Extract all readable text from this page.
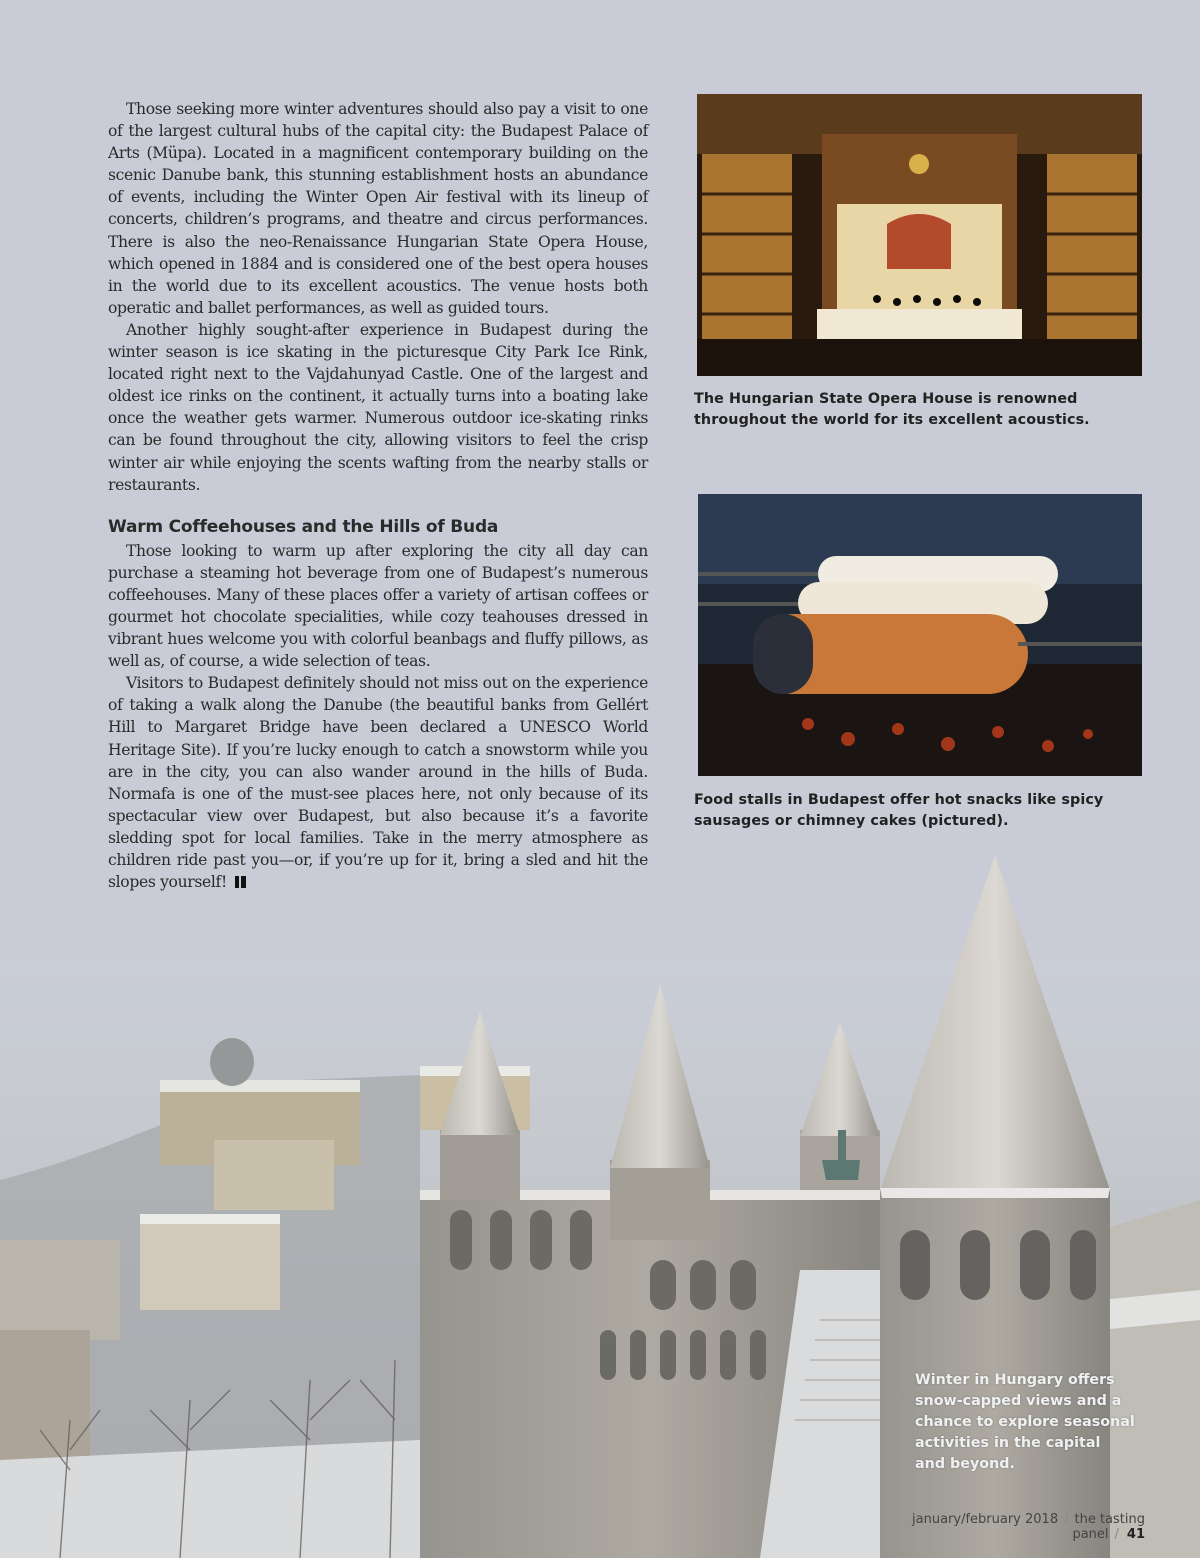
Those seeking more winter adventures should also pay a visit to one of the largest cultural hubs of the capital city: the Budapest Palace of Arts (Müpa). Located in a magnificent contemporary building on the scenic Danube bank, this stunning establishment hosts an abundance of events, including the Winter Open Air festival with its lineup of concerts, children’s programs, and theatre and circus performances. There is also the neo-Renaissance Hungarian State Opera House, which opened in 1884 and is considered one of the best opera houses in the world due to its excellent acoustics. The venue hosts both operatic and ballet performances, as well as guided tours.

Another highly sought-after experience in Budapest during the winter season is ice skating in the picturesque City Park Ice Rink, located right next to the Vajdahunyad Castle. One of the largest and oldest ice rinks on the continent, it actually turns into a boating lake once the weather gets warmer. Numerous outdoor ice-skating rinks can be found throughout the city, allowing visitors to feel the crisp winter air while enjoying the scents wafting from the nearby stalls or restaurants.

Warm Coffeehouses and the Hills of Buda

Those looking to warm up after exploring the city all day can purchase a steaming hot beverage from one of Budapest’s numerous coffeehouses. Many of these places offer a variety of artisan coffees or gourmet hot chocolate specialities, while cozy teahouses dressed in vibrant hues welcome you with colorful beanbags and fluffy pillows, as well as, of course, a wide selection of teas.

Visitors to Budapest definitely should not miss out on the experience of taking a walk along the Danube (the beautiful banks from Gellért Hill to Margaret Bridge have been declared a UNESCO World Heritage Site). If you’re lucky enough to catch a snowstorm while you are in the city, you can also wander around in the hills of Buda. Normafa is one of the must-see places here, not only because of its spectacular view over Budapest, but also because it’s a favorite sledding spot for local families. Take in the merry atmosphere as children ride past you—or, if you’re up for it, bring a sled and hit the slopes yourself!

The Hungarian State Opera House is renowned throughout the world for its excellent acoustics.
Food stalls in Budapest offer hot snacks like spicy sausages or chimney cakes (pictured).
Winter in Hungary offers snow-capped views and a chance to explore seasonal activities in the capital and beyond.
january/february 2018 / the tasting panel / 41
